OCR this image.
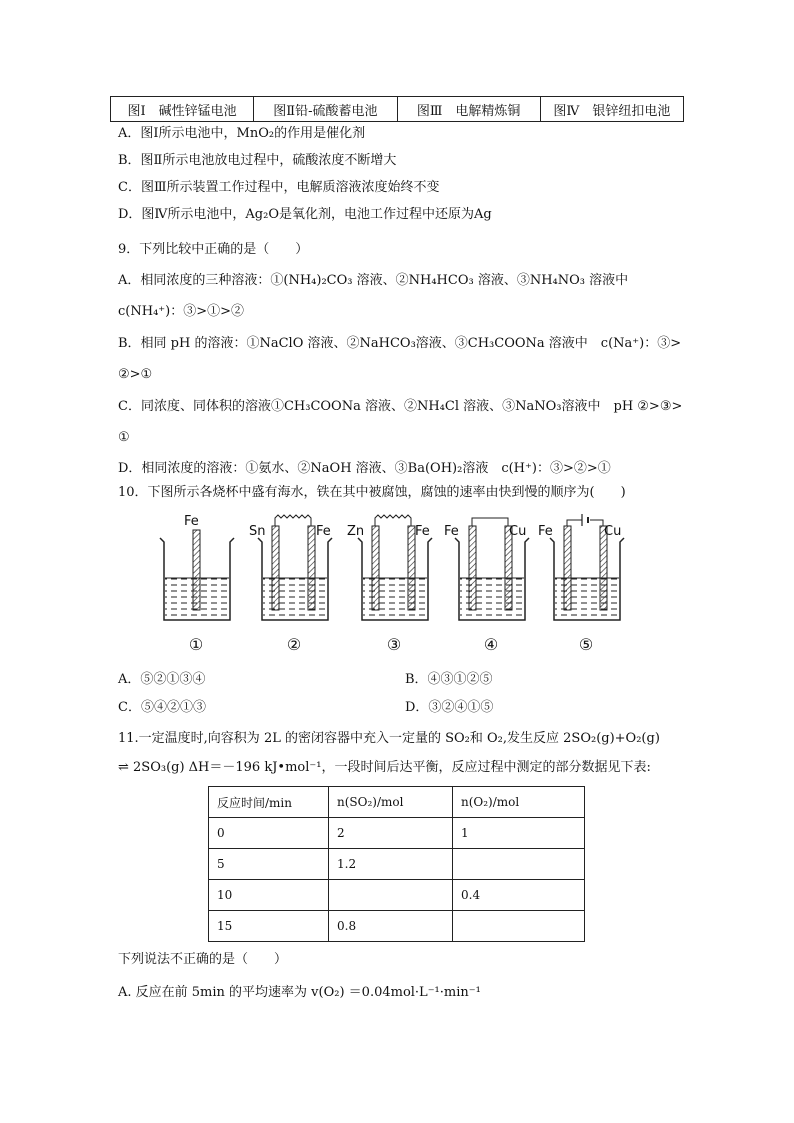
图Ⅰ　碱性锌锰电池	图Ⅱ铅-硫酸蓄电池	图Ⅲ　电解精炼铜	图Ⅳ　银锌纽扣电池
A．图Ⅰ所示电池中，MnO₂的作用是催化剂
B．图Ⅱ所示电池放电过程中，硫酸浓度不断增大
C．图Ⅲ所示装置工作过程中，电解质溶液浓度始终不变
D．图Ⅳ所示电池中，Ag₂O是氧化剂，电池工作过程中还原为Ag
9．下列比较中正确的是（　　）
A．相同浓度的三种溶液：①(NH₄)₂CO₃ 溶液、②NH₄HCO₃ 溶液、③NH₄NO₃ 溶液中
c(NH₄⁺)：③>①>②
B．相同 pH 的溶液：①NaClO 溶液、②NaHCO₃溶液、③CH₃COONa 溶液中　c(Na⁺)：③>
②>①
C．同浓度、同体积的溶液①CH₃COONa 溶液、②NH₄Cl 溶液、③NaNO₃溶液中　pH ②>③>
①
D．相同浓度的溶液：①氨水、②NaOH 溶液、③Ba(OH)₂溶液　c(H⁺)：③>②>①
10．下图所示各烧杯中盛有海水，铁在其中被腐蚀，腐蚀的速率由快到慢的顺序为(　　)
Fe
Sn	Fe Zn	Fe Fe	Cu Fe	Cu
①	②	③	④	⑤
A．⑤②①③④	B．④③①②⑤
C．⑤④②①③	D．③②④①⑤
11.一定温度时,向容积为 2L 的密闭容器中充入一定量的 SO₂和 O₂,发生反应 2SO₂(g)+O₂(g)
⇌ 2SO₃(g) ΔH＝－196 kJ•mol⁻¹，一段时间后达平衡，反应过程中测定的部分数据见下表:
反应时间/min	n(SO₂)/mol	n(O₂)/mol
0	2	1
5	1.2	
10		0.4
15	0.8	
下列说法不正确的是（　　）
A. 反应在前 5min 的平均速率为 v(O₂) ＝0.04mol·L⁻¹·min⁻¹
